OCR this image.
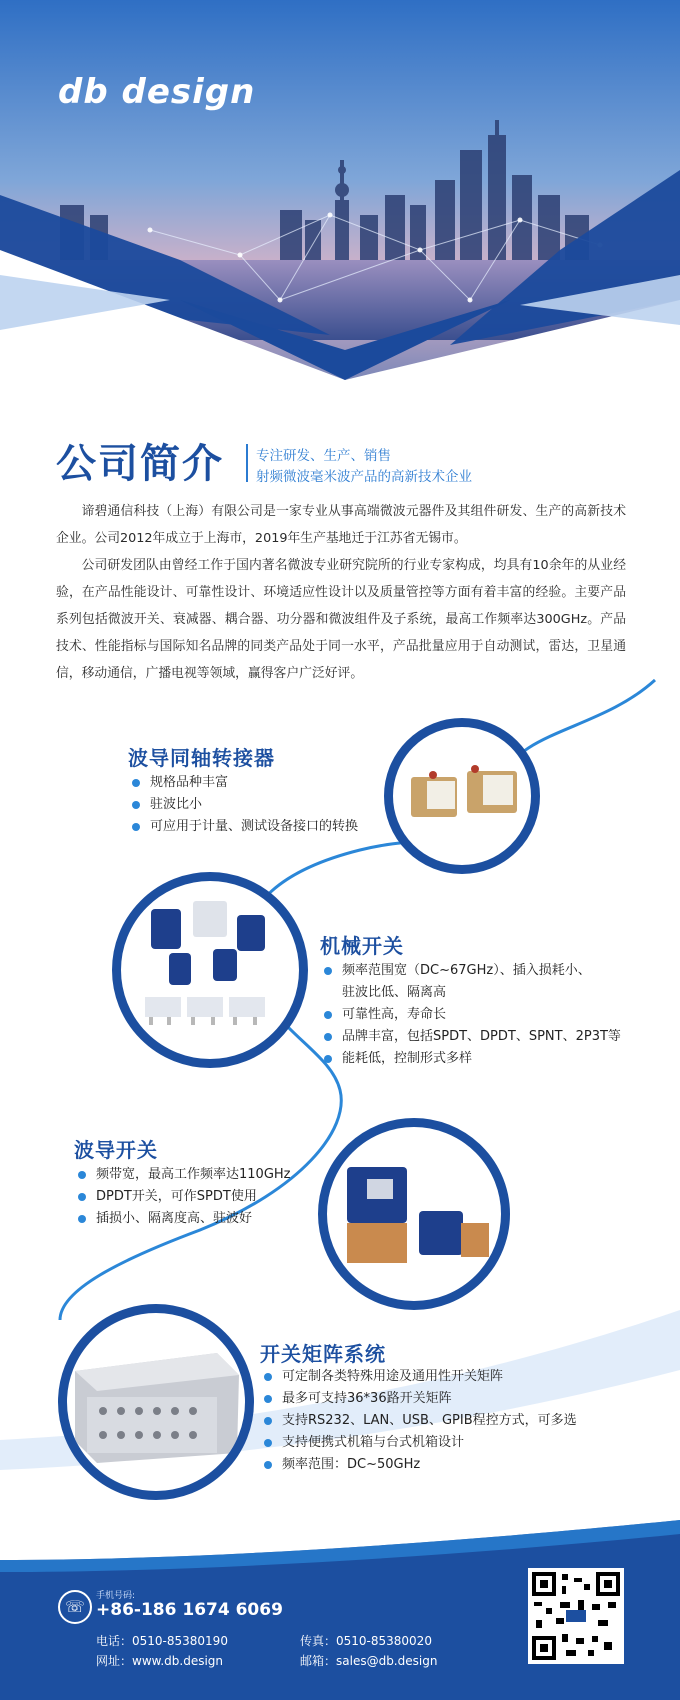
db design
公司简介 专注研发、生产、销售
射频微波毫米波产品的高新技术企业

谛碧通信科技（上海）有限公司是一家专业从事高端微波元器件及其组件研发、生产的高新技术企业。公司2012年成立于上海市，2019年生产基地迁于江苏省无锡市。

公司研发团队由曾经工作于国内著名微波专业研究院所的行业专家构成，均具有10余年的从业经验，在产品性能设计、可靠性设计、环境适应性设计以及质量管控等方面有着丰富的经验。主要产品系列包括微波开关、衰减器、耦合器、功分器和微波组件及子系统，最高工作频率达300GHz。产品技术、性能指标与国际知名品牌的同类产品处于同一水平，产品批量应用于自动测试，雷达，卫星通信，移动通信，广播电视等领域，赢得客户广泛好评。

波导同轴转接器
规格品种丰富
驻波比小
可应用于计量、测试设备接口的转换
机械开关
频率范围宽（DC~67GHz）、插入损耗小、
驻波比低、隔离高
可靠性高，寿命长
品牌丰富，包括SPDT、DPDT、SPNT、2P3T等
能耗低，控制形式多样
波导开关
频带宽，最高工作频率达110GHz
DPDT开关，可作SPDT使用
插损小、隔离度高、驻波好
开关矩阵系统
可定制各类特殊用途及通用性开关矩阵
最多可支持36*36路开关矩阵
支持RS232、LAN、USB、GPIB程控方式，可多选
支持便携式机箱与台式机箱设计
频率范围：DC~50GHz
☏
手机号码:
+86-186 1674 6069
电话：0510-85380190	传真：0510-85380020
网址：www.db.design	邮箱：sales@db.design
